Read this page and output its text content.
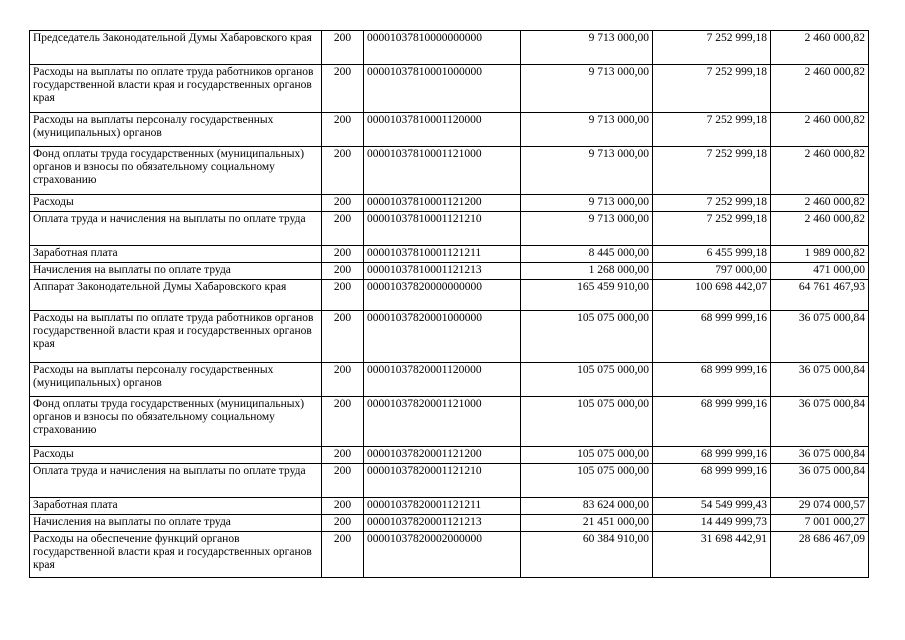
Председатель Законодательной Думы Хабаровского края	200	00001037810000000000	9 713 000,00	7 252 999,18	2 460 000,82
Расходы на выплаты по оплате труда работников органов государственной власти края и государственных органов края	200	00001037810001000000	9 713 000,00	7 252 999,18	2 460 000,82
Расходы на выплаты персоналу государственных (муниципальных) органов	200	00001037810001120000	9 713 000,00	7 252 999,18	2 460 000,82
Фонд оплаты труда государственных (муниципальных) органов и взносы по обязательному социальному страхованию	200	00001037810001121000	9 713 000,00	7 252 999,18	2 460 000,82
Расходы	200	00001037810001121200	9 713 000,00	7 252 999,18	2 460 000,82
Оплата труда и начисления на выплаты по оплате труда	200	00001037810001121210	9 713 000,00	7 252 999,18	2 460 000,82
Заработная плата	200	00001037810001121211	8 445 000,00	6 455 999,18	1 989 000,82
Начисления на выплаты по оплате труда	200	00001037810001121213	1 268 000,00	797 000,00	471 000,00
Аппарат Законодательной Думы Хабаровского края	200	00001037820000000000	165 459 910,00	100 698 442,07	64 761 467,93
Расходы на выплаты по оплате труда работников органов государственной власти края и государственных органов края	200	00001037820001000000	105 075 000,00	68 999 999,16	36 075 000,84
Расходы на выплаты персоналу государственных (муниципальных) органов	200	00001037820001120000	105 075 000,00	68 999 999,16	36 075 000,84
Фонд оплаты труда государственных (муниципальных) органов и взносы по обязательному социальному страхованию	200	00001037820001121000	105 075 000,00	68 999 999,16	36 075 000,84
Расходы	200	00001037820001121200	105 075 000,00	68 999 999,16	36 075 000,84
Оплата труда и начисления на выплаты по оплате труда	200	00001037820001121210	105 075 000,00	68 999 999,16	36 075 000,84
Заработная плата	200	00001037820001121211	83 624 000,00	54 549 999,43	29 074 000,57
Начисления на выплаты по оплате труда	200	00001037820001121213	21 451 000,00	14 449 999,73	7 001 000,27
Расходы на обеспечение функций органов государственной власти края и государственных органов края	200	00001037820002000000	60 384 910,00	31 698 442,91	28 686 467,09
